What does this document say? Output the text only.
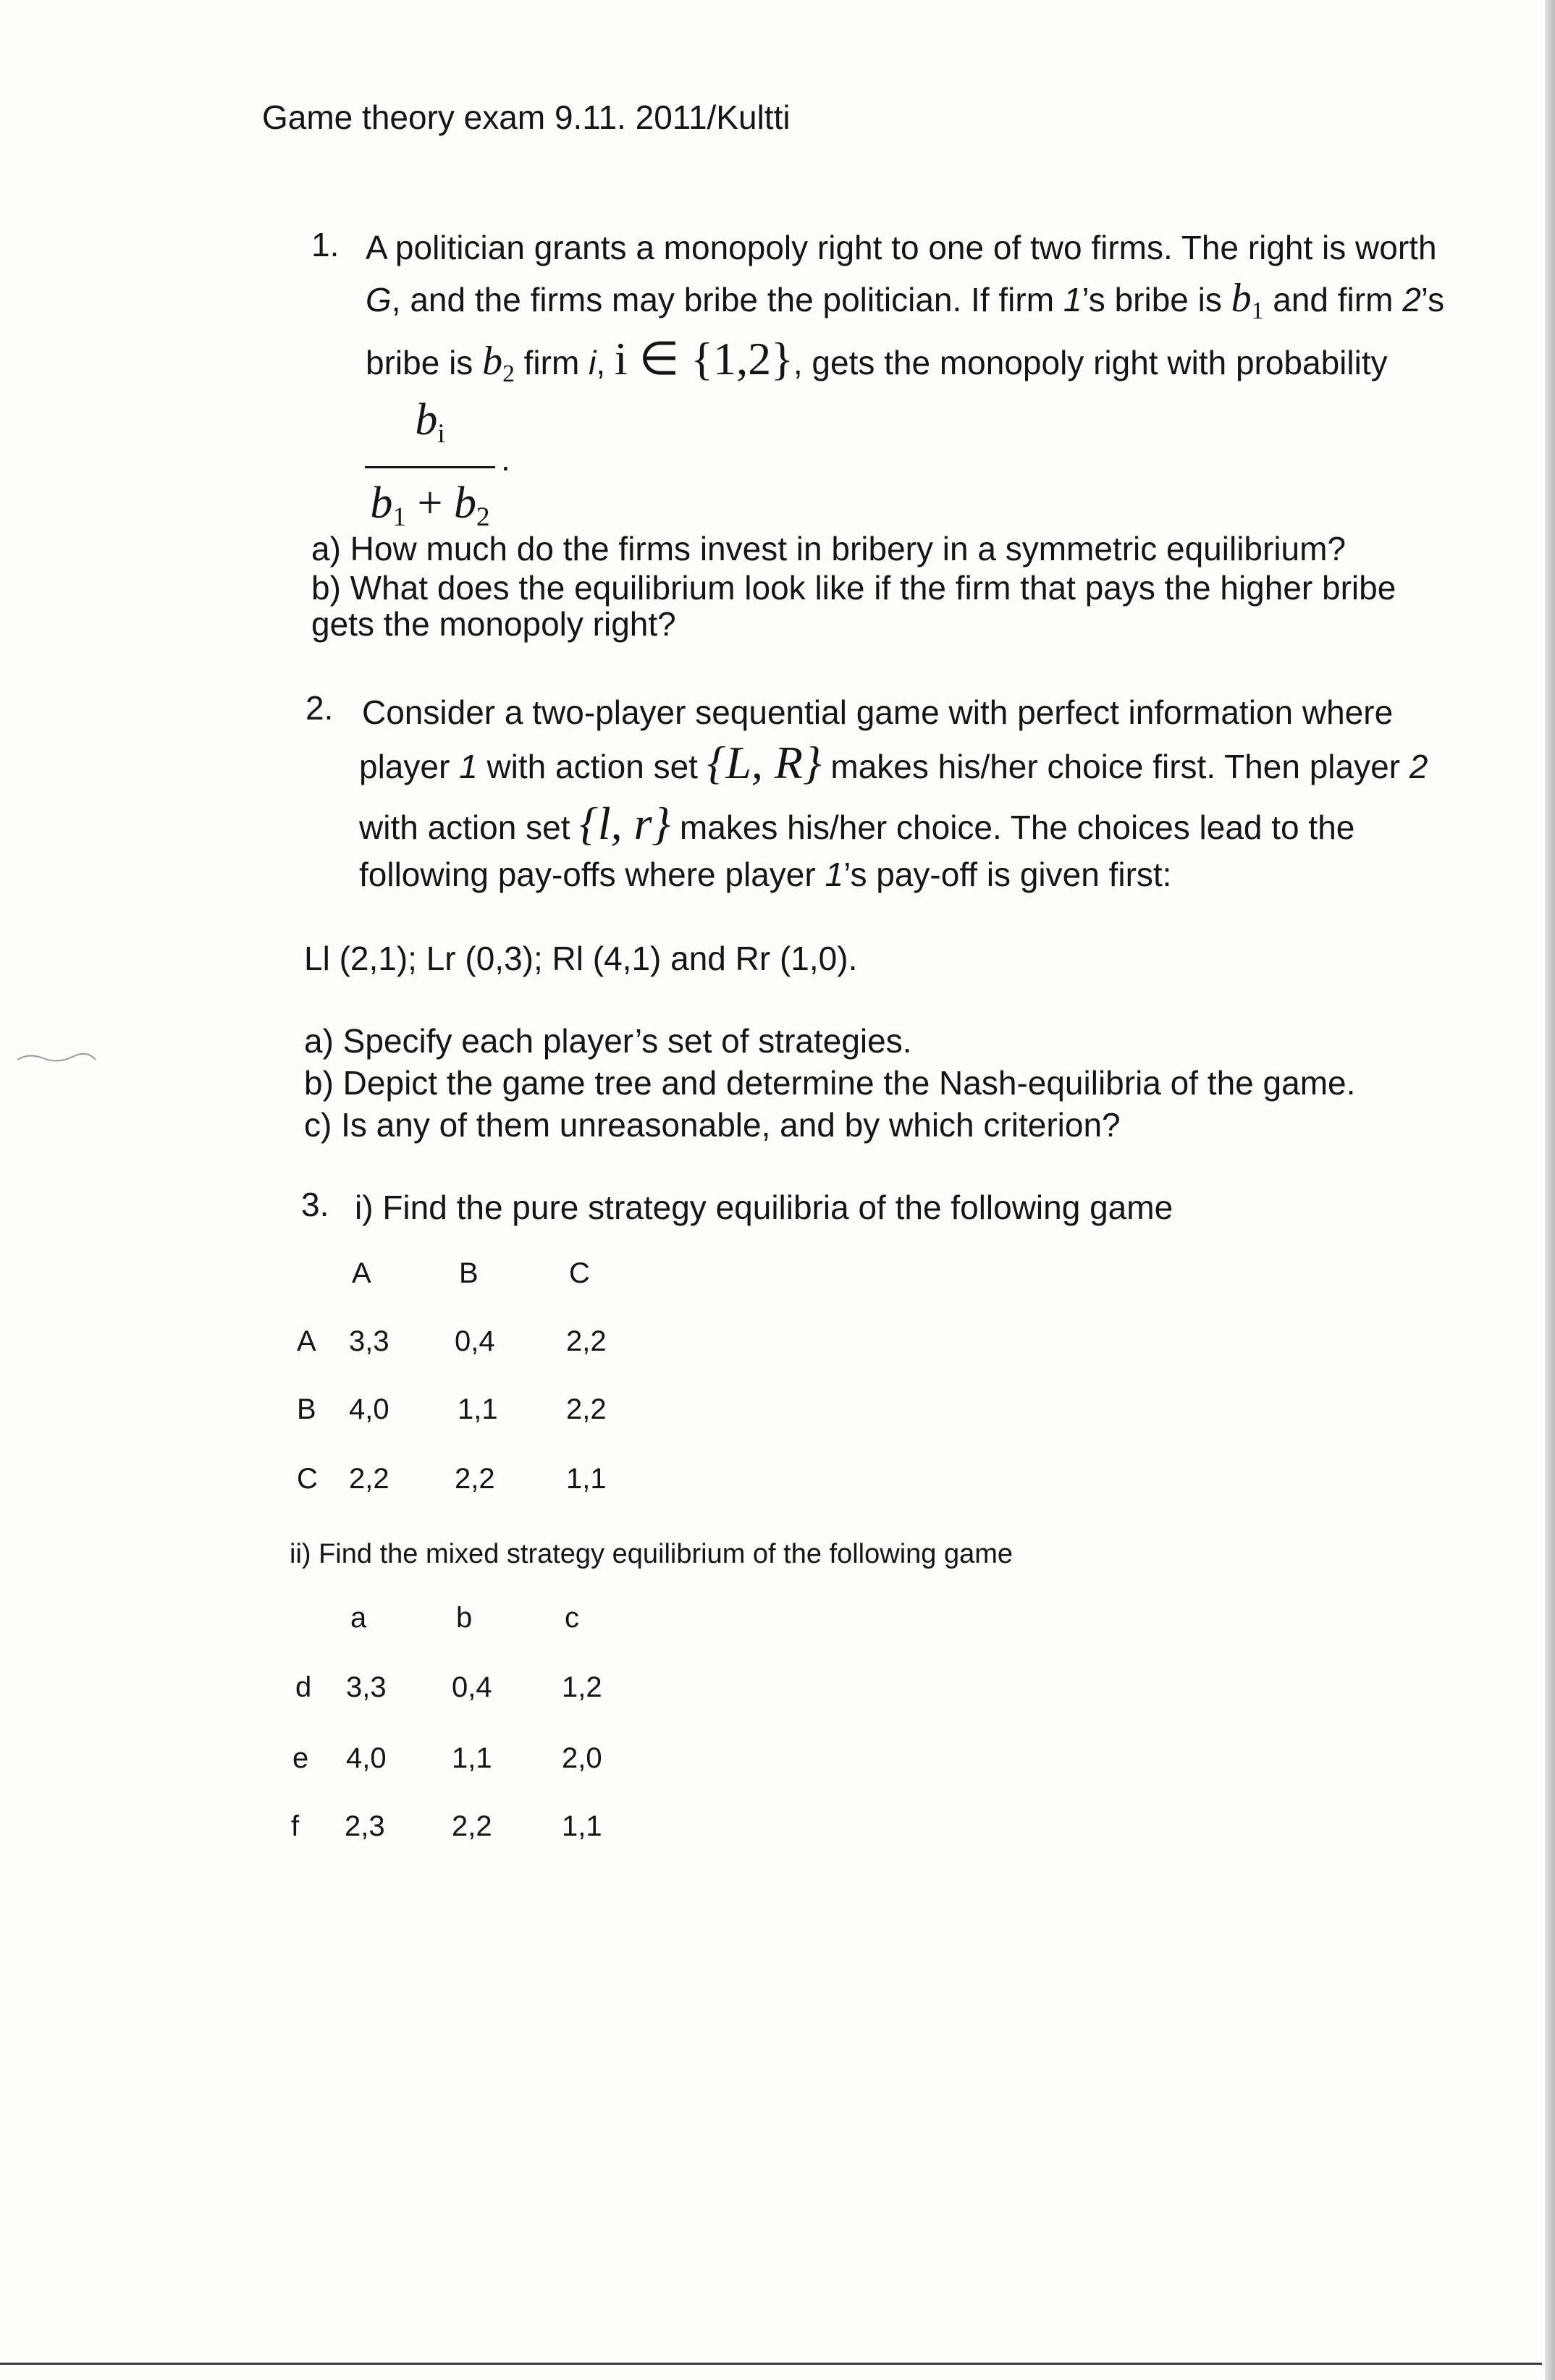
Game theory exam 9.11. 2011/Kultti
1. A politician grants a monopoly right to one of two firms. The right is worth
G, and the firms may bribe the politician. If firm 1’s bribe is $b_1$ and firm 2’s
bribe is $b_2$ firm i, i ∈ {1,2}, gets the monopoly right with probability
$b_i$
$b_1 + b_2$
.
a) How much do the firms invest in bribery in a symmetric equilibrium?
b) What does the equilibrium look like if the firm that pays the higher bribe
gets the monopoly right?
2. Consider a two-player sequential game with perfect information where
player 1 with action set {L, R} makes his/her choice first. Then player 2
with action set {l, r} makes his/her choice. The choices lead to the
following pay-offs where player 1’s pay-off is given first:
Ll (2,1); Lr (0,3); Rl (4,1) and Rr (1,0).
a) Specify each player’s set of strategies.
b) Depict the game tree and determine the Nash-equilibria of the game.
c) Is any of them unreasonable, and by which criterion?
3. i) Find the pure strategy equilibria of the following game
A	B	C
A 3,3 0,4 2,2
B 4,0 1,1 2,2
C 2,2 2,2 1,1
ii) Find the mixed strategy equilibrium of the following game
a	b	c
d 3,3 0,4 1,2
e 4,0 1,1 2,0
f 2,3 2,2 1,1
